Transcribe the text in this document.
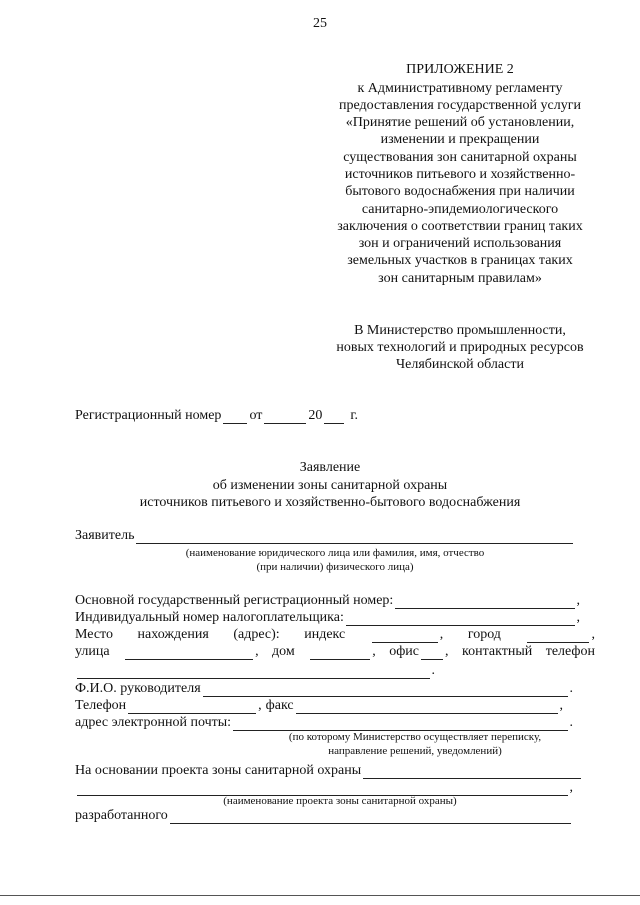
25
ПРИЛОЖЕНИЕ 2
к Административному регламенту
предоставления государственной услуги
«Принятие решений об установлении,
изменении и прекращении
существования зон санитарной охраны
источников питьевого и хозяйственно-
бытового водоснабжения при наличии
санитарно-эпидемиологического
заключения о соответствии границ таких
зон и ограничений использования
земельных участков в границах таких
зон санитарным правилам»
В Министерство промышленности,
новых технологий и природных ресурсов
Челябинской области
Регистрационный номер от	20 г.
Заявление
об изменении зоны санитарной охраны
источников питьевого и хозяйственно-бытового водоснабжения
Заявитель
(наименование юридического лица или фамилия, имя, отчество
(при наличии) физического лица)
Основной государственный регистрационный номер:	,
Индивидуальный номер налогоплательщика:	,
Место нахождения (адрес): индекс	, город	,
улица	, дом	, офис , контактный телефон
.
Ф.И.О. руководителя	.
Телефон	, факс	,
адрес электронной почты:	.
(по которому Министерство осуществляет переписку,
направление решений, уведомлений)
На основании проекта зоны санитарной охраны
,
(наименование проекта зоны санитарной охраны)
разработанного
